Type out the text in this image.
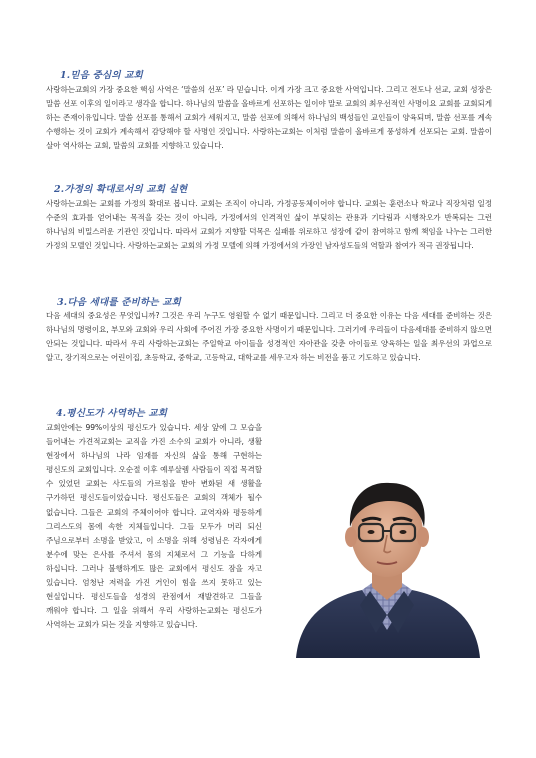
1.믿음 중심의 교회
사랑하는교회의 가장 중요한 핵심 사역은 ‘말씀의 선포’ 라 믿습니다. 이게 가장 크고 중요한 사역입니다. 그리고 전도나 선교, 교회 성장은 말씀 선포 이후의 일이라고 생각을 합니다. 하나님의 말씀을 올바르게 선포하는 일이야 말로 교회의 최우선적인 사명이요 교회를 교회되게 하는 존재이유입니다. 말씀 선포를 통해서 교회가 세워지고, 말씀 선포에 의해서 하나님의 백성들인 교인들이 양육되며, 말씀 선포를 계속 수행하는 것이 교회가 계속해서 감당해야 할 사명인 것입니다. 사랑하는교회는 이처럼 말씀이 올바르게 풍성하게 선포되는 교회. 말씀이 살아 역사하는 교회, 말씀의 교회를 지향하고 있습니다.
2.가정의 확대로서의 교회 실현
사랑하는교회는 교회를 가정의 확대로 봅니다. 교회는 조직이 아니라, 가정공동체이어야 합니다. 교회는 훈련소나 학교나 직장처럼 일정 수준의 효과를 얻어내는 목적을 갖는 것이 아니라, 가정에서의 인격적인 삶이 부딪히는 관용과 기다림과 시행착오가 반복되는 그런 하나님의 비밀스러운 기관인 것입니다. 따라서 교회가 지향할 덕목은 실패를 위로하고 성장에 같이 참여하고 함께 책임을 나누는 그러한 가정의 모델인 것입니다. 사랑하는교회는 교회의 가정 모델에 의해 가정에서의 가장인 남자성도들의 역할과 참여가 적극 권장됩니다.
3.다음 세대를 준비하는 교회
다음 세대의 중요성은 무엇입니까? 그것은 우리 누구도 영원할 수 없기 때문입니다. 그리고 더 중요한 이유는 다음 세대를 준비하는 것은 하나님의 명령이요, 부모와 교회와 우리 사회에 주어진 가장 중요한 사명이기 때문입니다. 그러기에 우리들이 다음세대를 준비하지 않으면 안되는 것입니다. 따라서 우리 사랑하는교회는 주일학교 아이들을 성경적인 자아관을 갖춘 아이들로 양육하는 일을 최우선의 과업으로 알고, 장기적으로는 어린이집, 초등학교, 중학교, 고등학교, 대학교를 세우고자 하는 비전을 품고 기도하고 있습니다.
4.평신도가 사역하는 교회
교회안에는 99%이상의 평신도가 있습니다. 세상 앞에 그 모습을 들어내는 가견적교회는 교직을 가진 소수의 교회가 아니라, 생활 현장에서 하나님의 나라 임재를 자신의 삶을 통해 구현하는 평신도의 교회입니다. 오순절 이후 예루살렘 사람들이 직접 목격할 수 있었던 교회는 사도들의 가르침을 받아 변화된 새 생활을 구가하던 평신도들이었습니다. 평신도들은 교회의 객체가 될수 없습니다. 그들은 교회의 주체이어야 합니다. 교역자와 평등하게 그리스도의 몸에 속한 지체들입니다. 그들 모두가 머리 되신 주님으로부터 소명을 받았고, 이 소명을 위해 성령님은 각자에게 분수에 맞는 은사를 주셔서 몸의 지체로서 그 기능을 다하게 하십니다. 그러나 불행하게도 많은 교회에서 평신도 잠을 자고 있습니다. 엄청난 저력을 가진 거인이 힘을 쓰지 못하고 있는 현실입니다. 평신도들을 성경의 관점에서 재발견하고 그들을 깨워야 합니다. 그 일을 위해서 우리 사랑하는교회는 평신도가 사역하는 교회가 되는 것을 지향하고 있습니다.
